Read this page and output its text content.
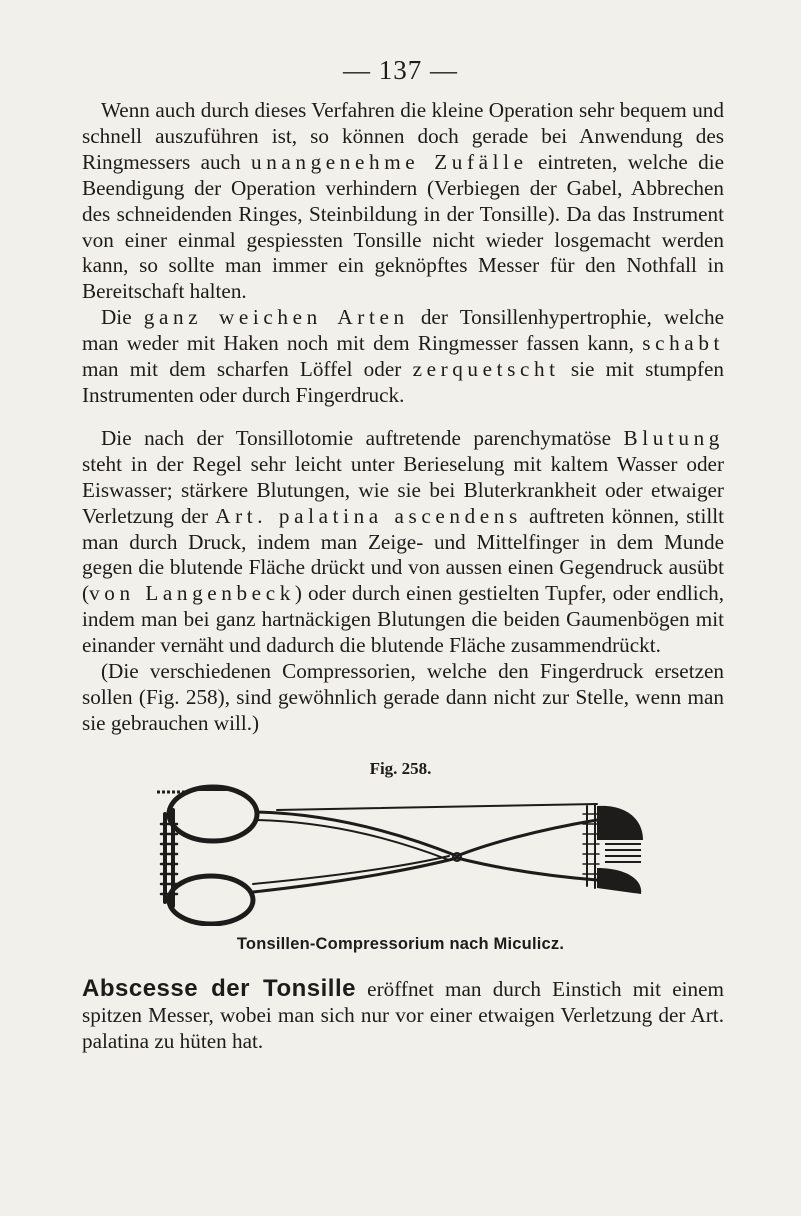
— 137 —

Wenn auch durch dieses Verfahren die kleine Operation sehr bequem und schnell auszuführen ist, so können doch gerade bei Anwendung des Ringmessers auch unangenehme Zufälle eintreten, welche die Beendigung der Operation verhindern (Verbiegen der Gabel, Abbrechen des schneidenden Ringes, Steinbildung in der Tonsille). Da das Instrument von einer einmal gespiessten Tonsille nicht wieder losgemacht werden kann, so sollte man immer ein geknöpftes Messer für den Nothfall in Bereitschaft halten.

Die ganz weichen Arten der Tonsillenhypertrophie, welche man weder mit Haken noch mit dem Ringmesser fassen kann, schabt man mit dem scharfen Löffel oder zerquetscht sie mit stumpfen Instrumenten oder durch Fingerdruck.

Die nach der Tonsillotomie auftretende parenchymatöse Blutung steht in der Regel sehr leicht unter Berieselung mit kaltem Wasser oder Eiswasser; stärkere Blutungen, wie sie bei Bluterkrankheit oder etwaiger Verletzung der Art. palatina ascendens auftreten können, stillt man durch Druck, indem man Zeige- und Mittelfinger in dem Munde gegen die blutende Fläche drückt und von aussen einen Gegendruck ausübt (von Langenbeck) oder durch einen gestielten Tupfer, oder endlich, indem man bei ganz hartnäckigen Blutungen die beiden Gaumenbögen mit einander vernäht und dadurch die blutende Fläche zusammendrückt.

(Die verschiedenen Compressorien, welche den Fingerdruck ersetzen sollen (Fig. 258), sind gewöhnlich gerade dann nicht zur Stelle, wenn man sie gebrauchen will.)

Fig. 258.
Tonsillen-Compressorium nach Miculicz.

Abscesse der Tonsille eröffnet man durch Einstich mit einem spitzen Messer, wobei man sich nur vor einer etwaigen Verletzung der Art. palatina zu hüten hat.
